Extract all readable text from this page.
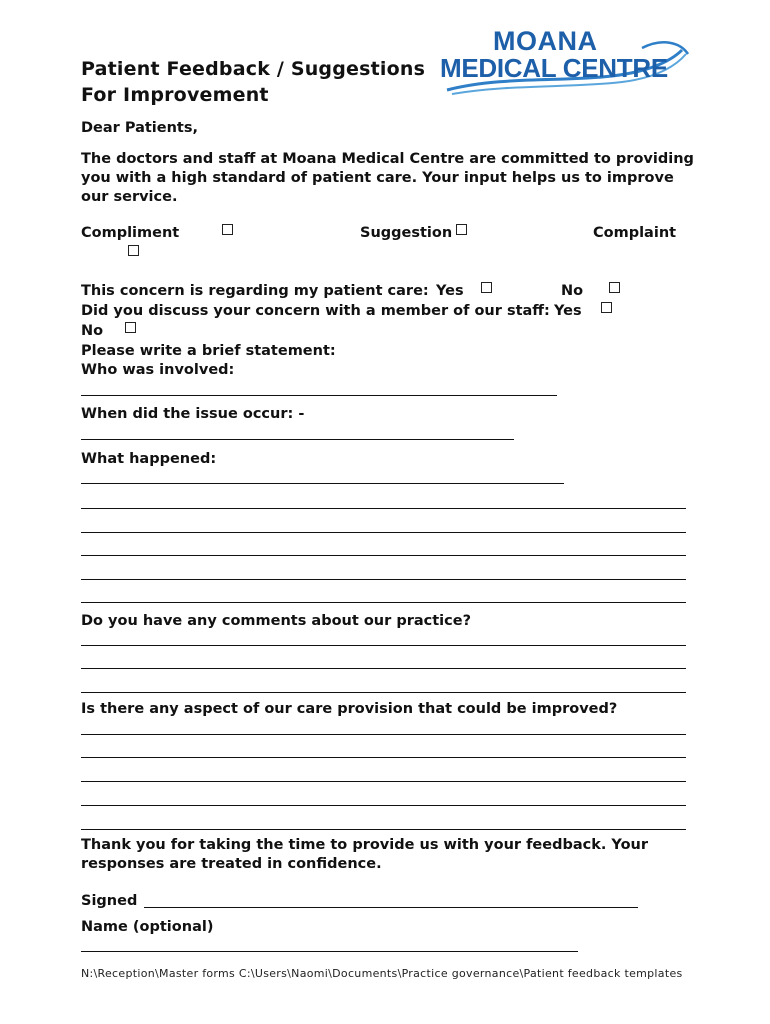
MOANA
MEDICAL CENTRE
Patient Feedback / Suggestions
For Improvement
Dear Patients,
The doctors and staff at Moana Medical Centre are committed to providing
you with a high standard of patient care. Your input helps us to improve
our service.
Compliment	Suggestion	Complaint
This concern is regarding my patient care: Yes	No
Did you discuss your concern with a member of our staff: Yes
No
Please write a brief statement:
Who was involved:
When did the issue occur: -
What happened:
Do you have any comments about our practice?
Is there any aspect of our care provision that could be improved?
Thank you for taking the time to provide us with your feedback. Your
responses are treated in confidence.
Signed
Name (optional)
N:\Reception\Master forms C:\Users\Naomi\Documents\Practice governance\Patient feedback templates
